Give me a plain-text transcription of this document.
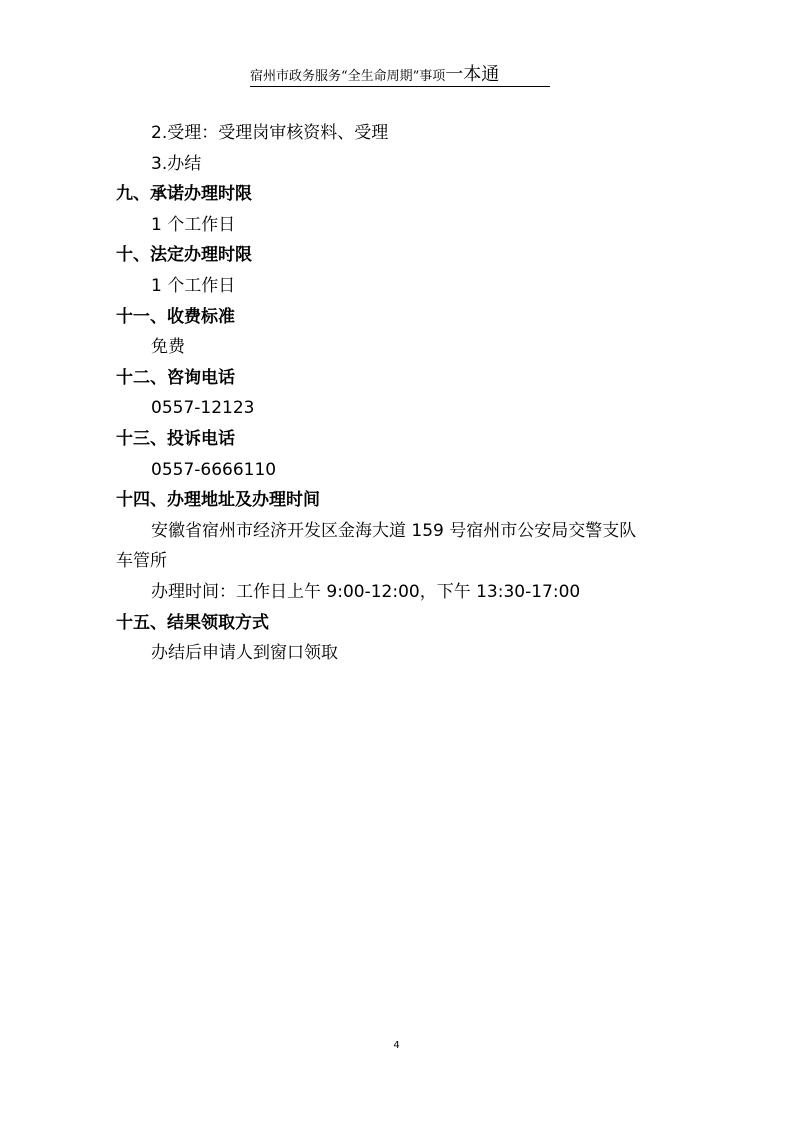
宿州市政务服务“全生命周期”事项一本通
2.受理：受理岗审核资料、受理
3.办结
九、承诺办理时限
1 个工作日
十、法定办理时限
1 个工作日
十一、收费标准
免费
十二、咨询电话
0557-12123
十三、投诉电话
0557-6666110
十四、办理地址及办理时间
安徽省宿州市经济开发区金海大道 159 号宿州市公安局交警支队
车管所
办理时间：工作日上午 9:00-12:00，下午 13:30-17:00
十五、结果领取方式
办结后申请人到窗口领取
4
